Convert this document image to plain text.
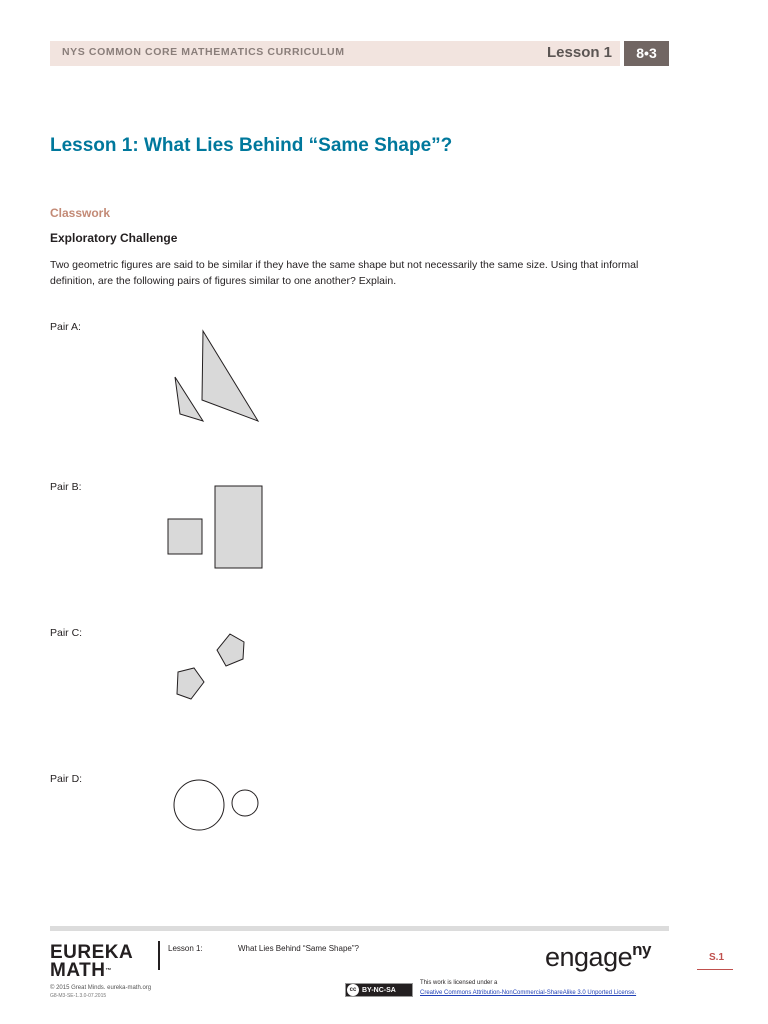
NYS COMMON CORE MATHEMATICS CURRICULUM	Lesson 1	8•3
Lesson 1: What Lies Behind “Same Shape”?
Classwork
Exploratory Challenge
Two geometric figures are said to be similar if they have the same shape but not necessarily the same size. Using that informal definition, are the following pairs of figures similar to one another? Explain.
Pair A:
Pair B:
Pair C:
Pair D:
EUREKA
MATH™
Lesson 1:	What Lies Behind “Same Shape”?
© 2015 Great Minds. eureka-math.org
G8-M3-SE-1.3.0-07.2015
engage$^{ny}$	S.1
cc BY-NC-SA
This work is licensed under a
Creative Commons Attribution-NonCommercial-ShareAlike 3.0 Unported License.
